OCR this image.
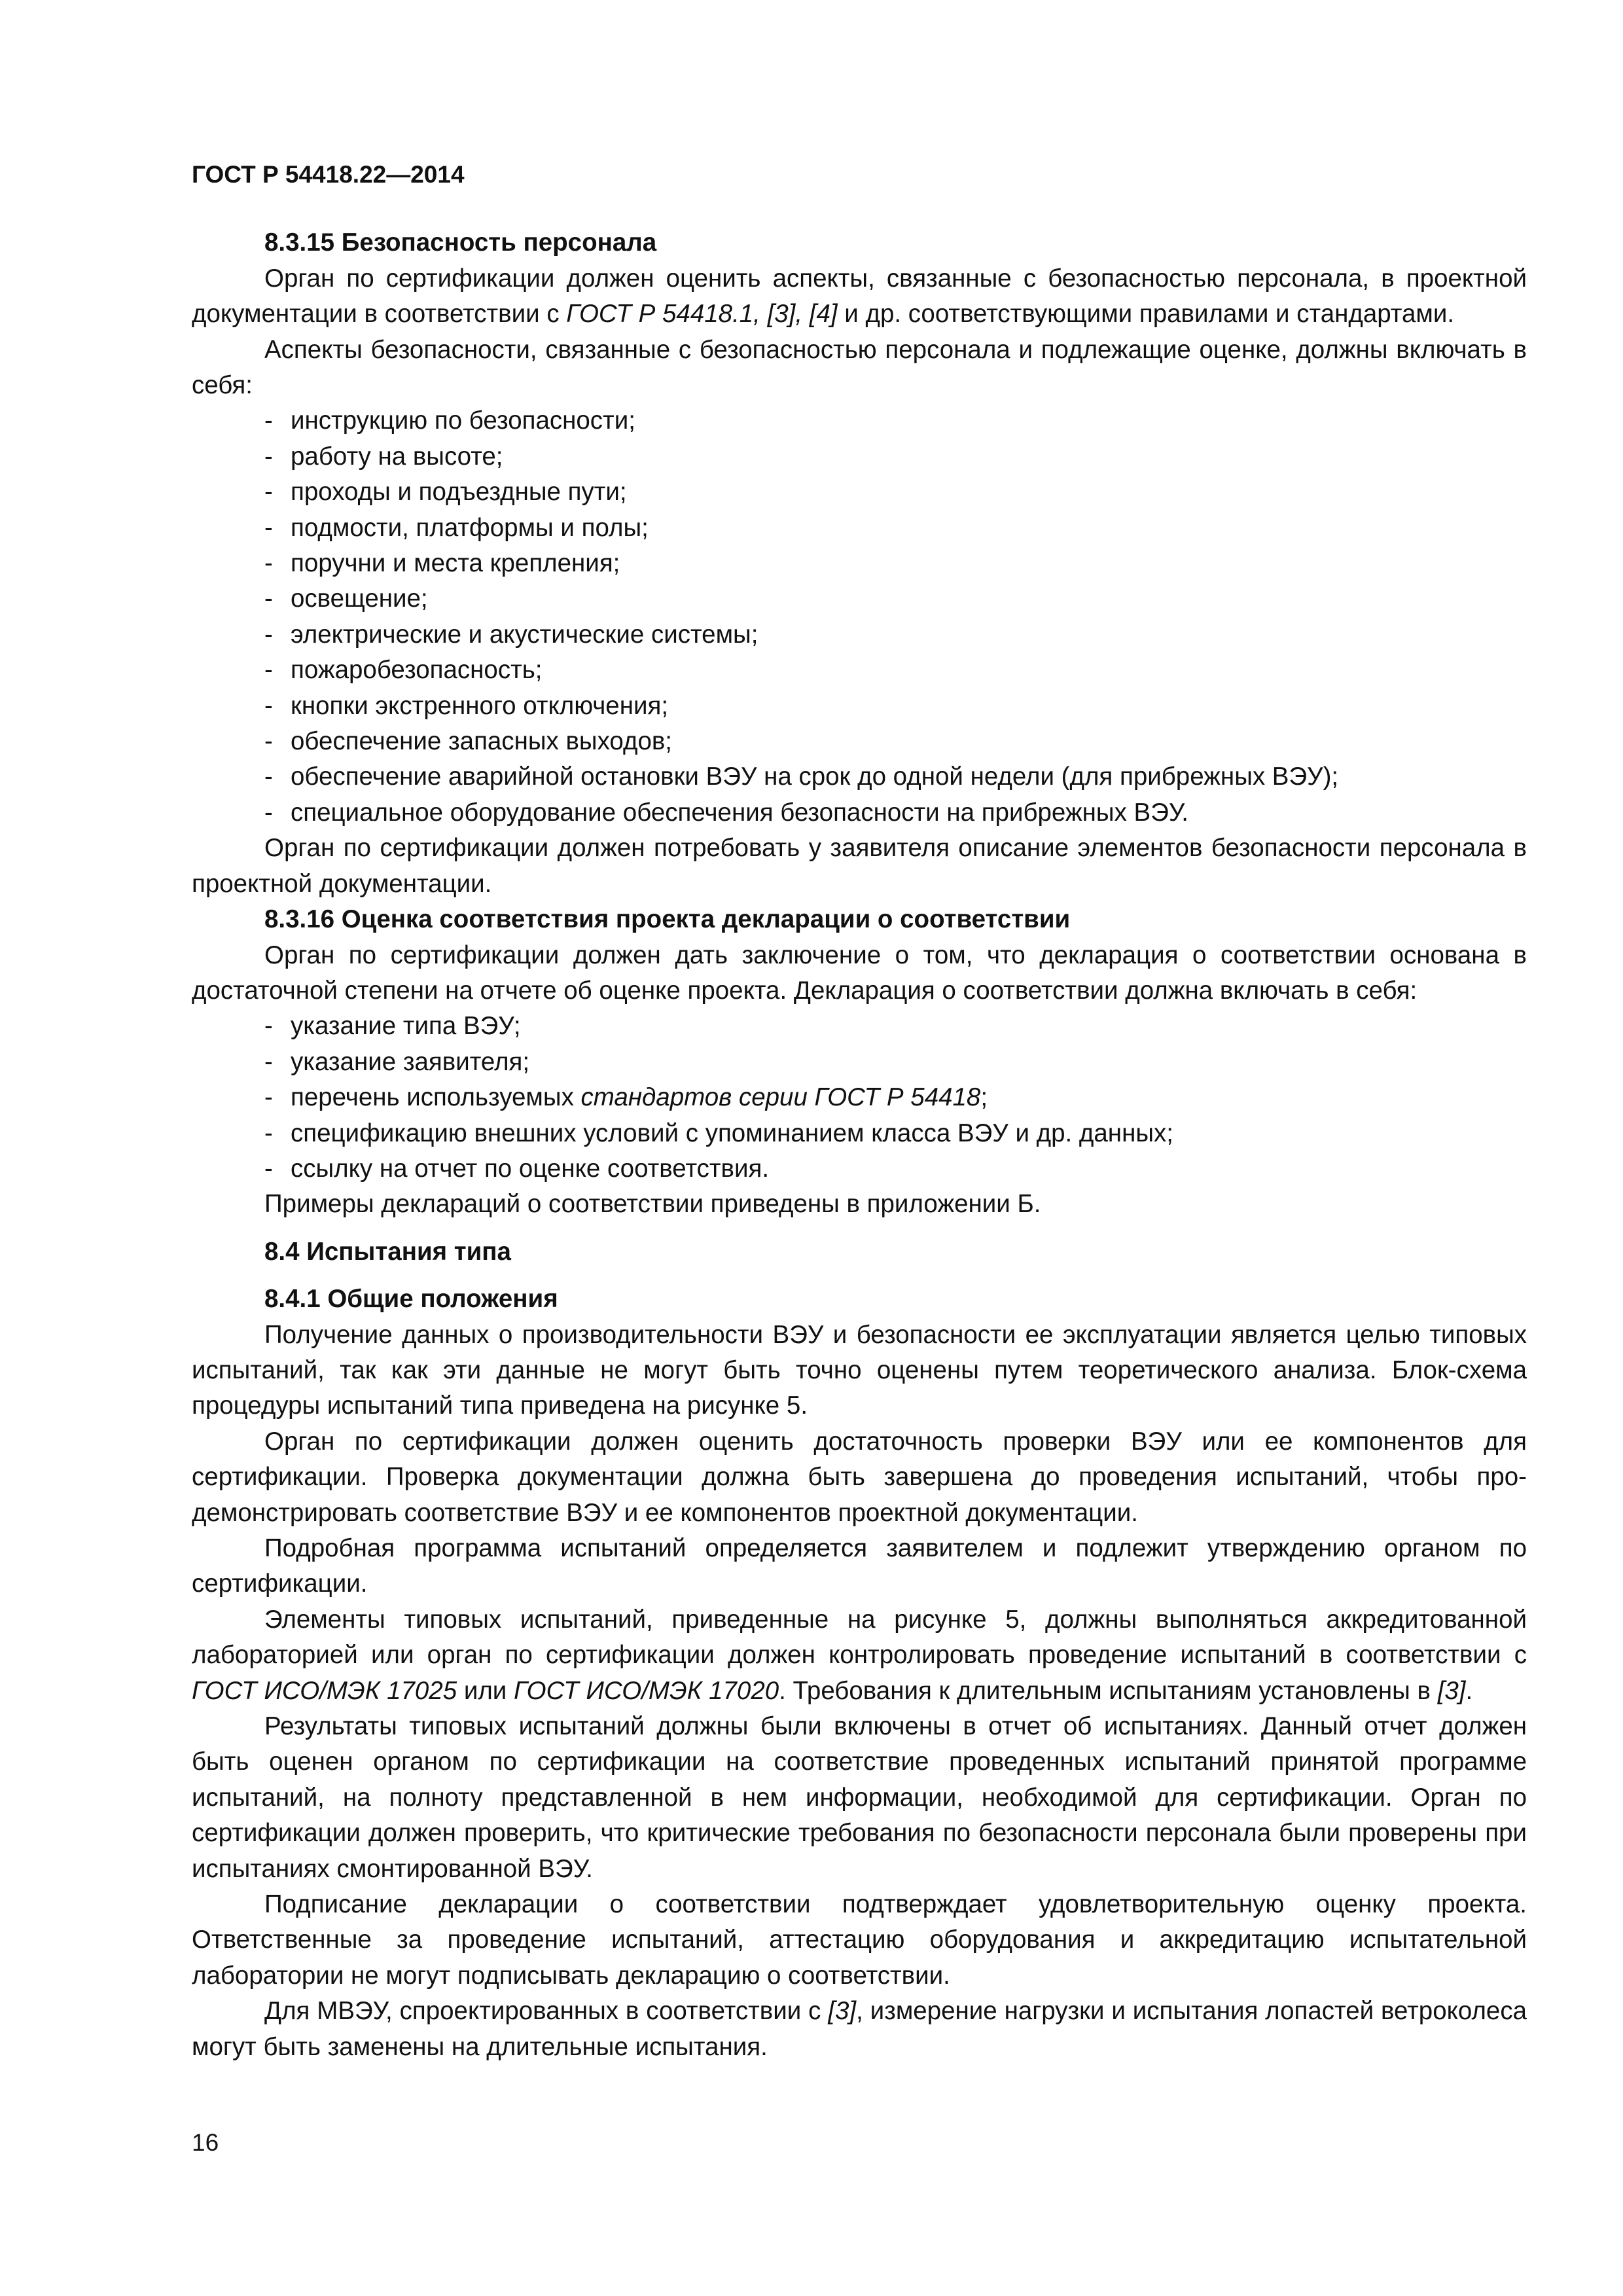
ГОСТ Р 54418.22—2014
8.3.15 Безопасность персонала
Орган по сертификации должен оценить аспекты, связанные с безопасностью персонала, в проектной документации в соответствии с ГОСТ Р 54418.1, [3], [4] и др. соответствующими правилами и стандартами.
Аспекты безопасности, связанные с безопасностью персонала и подлежащие оценке, должны включать в себя:
- инструкцию по безопасности;
- работу на высоте;
- проходы и подъездные пути;
- подмости, платформы и полы;
- поручни и места крепления;
- освещение;
- электрические и акустические системы;
- пожаробезопасность;
- кнопки экстренного отключения;
- обеспечение запасных выходов;
- обеспечение аварийной остановки ВЭУ на срок до одной недели (для прибрежных ВЭУ);
- специальное оборудование обеспечения безопасности на прибрежных ВЭУ.
Орган по сертификации должен потребовать у заявителя описание элементов безопасности персонала в проектной документации.
8.3.16 Оценка соответствия проекта декларации о соответствии
Орган по сертификации должен дать заключение о том, что декларация о соответствии основана в достаточной степени на отчете об оценке проекта. Декларация о соответствии должна включать в себя:
- указание типа ВЭУ;
- указание заявителя;
- перечень используемых стандартов серии ГОСТ Р 54418;
- спецификацию внешних условий с упоминанием класса ВЭУ и др. данных;
- ссылку на отчет по оценке соответствия.
Примеры деклараций о соответствии приведены в приложении Б.
8.4 Испытания типа
8.4.1 Общие положения
Получение данных о производительности ВЭУ и безопасности ее эксплуатации является целью типовых испытаний, так как эти данные не могут быть точно оценены путем теоретического анализа. Блок-схема процедуры испытаний типа приведена на рисунке 5.
Орган по сертификации должен оценить достаточность проверки ВЭУ или ее компонентов для сертификации. Проверка документации должна быть завершена до проведения испытаний, чтобы продемонстрировать соответствие ВЭУ и ее компонентов проектной документации.
Подробная программа испытаний определяется заявителем и подлежит утверждению органом по сертификации.
Элементы типовых испытаний, приведенные на рисунке 5, должны выполняться аккредитованной лабораторией или орган по сертификации должен контролировать проведение испытаний в соответствии с ГОСТ ИСО/МЭК 17025 или ГОСТ ИСО/МЭК 17020. Требования к длительным испытаниям установлены в [3].
Результаты типовых испытаний должны были включены в отчет об испытаниях. Данный отчет должен быть оценен органом по сертификации на соответствие проведенных испытаний принятой программе испытаний, на полноту представленной в нем информации, необходимой для сертификации. Орган по сертификации должен проверить, что критические требования по безопасности персонала были проверены при испытаниях смонтированной ВЭУ.
Подписание декларации о соответствии подтверждает удовлетворительную оценку проекта. Ответственные за проведение испытаний, аттестацию оборудования и аккредитацию испытательной лаборатории не могут подписывать декларацию о соответствии.
Для МВЭУ, спроектированных в соответствии с [3], измерение нагрузки и испытания лопастей ветроколеса могут быть заменены на длительные испытания.
16
